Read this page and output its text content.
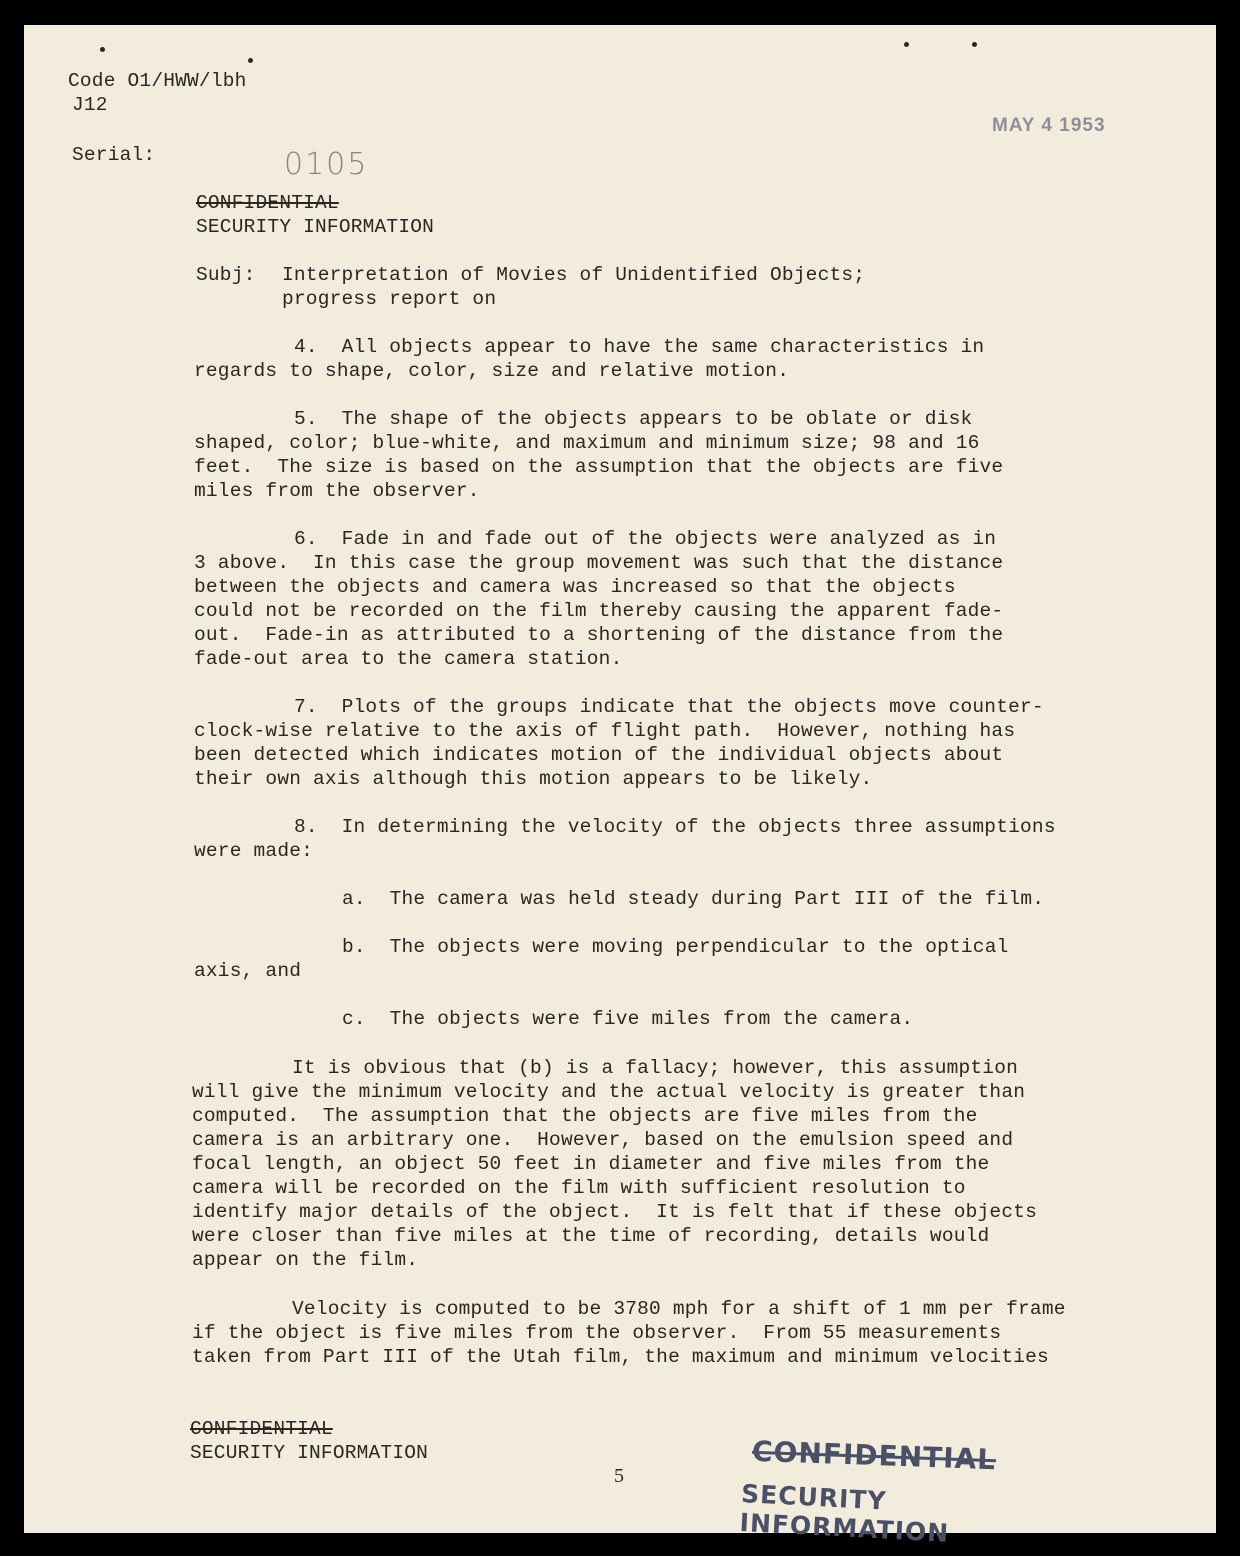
Code O1/HWW/lbh
J12
Serial:	0105
MAY 4 1953
CONFIDENTIAL
SECURITY INFORMATION
Subj: Interpretation of Movies of Unidentified Objects;
progress report on
4.  All objects appear to have the same characteristics in
regards to shape, color, size and relative motion.
5.  The shape of the objects appears to be oblate or disk
shaped, color; blue-white, and maximum and minimum size; 98 and 16
feet.  The size is based on the assumption that the objects are five
miles from the observer.
6.  Fade in and fade out of the objects were analyzed as in
3 above.  In this case the group movement was such that the distance
between the objects and camera was increased so that the objects
could not be recorded on the film thereby causing the apparent fade-
out.  Fade-in as attributed to a shortening of the distance from the
fade-out area to the camera station.
7.  Plots of the groups indicate that the objects move counter-
clock-wise relative to the axis of flight path.  However, nothing has
been detected which indicates motion of the individual objects about
their own axis although this motion appears to be likely.
8.  In determining the velocity of the objects three assumptions
were made:
a.  The camera was held steady during Part III of the film.
b.  The objects were moving perpendicular to the optical
axis, and
c.  The objects were five miles from the camera.
It is obvious that (b) is a fallacy; however, this assumption
will give the minimum velocity and the actual velocity is greater than
computed.  The assumption that the objects are five miles from the
camera is an arbitrary one.  However, based on the emulsion speed and
focal length, an object 50 feet in diameter and five miles from the
camera will be recorded on the film with sufficient resolution to
identify major details of the object.  It is felt that if these objects
were closer than five miles at the time of recording, details would
appear on the film.
Velocity is computed to be 3780 mph for a shift of 1 mm per frame
if the object is five miles from the observer.  From 55 measurements
taken from Part III of the Utah film, the maximum and minimum velocities
CONFIDENTIAL
SECURITY INFORMATION
5	CONFIDENTIAL
SECURITY INFORMATION
